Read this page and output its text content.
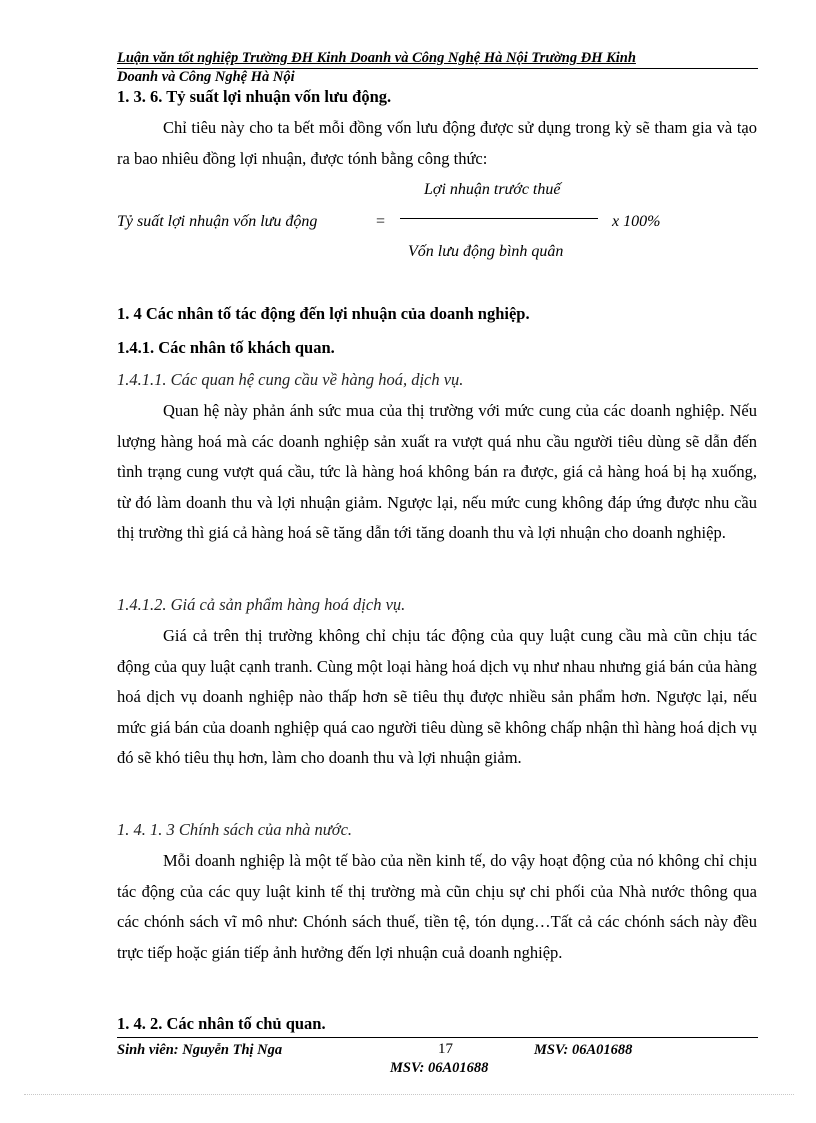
Luận văn tốt nghiệp Trường ĐH Kinh Doanh và Công Nghệ Hà Nội Trường ĐH Kinh
Doanh và Công Nghệ Hà Nội
1. 3. 6. Tỷ suất lợi nhuận vốn lưu động.
Chỉ tiêu này cho ta bết mỗi đồng vốn lưu động được sử dụng trong kỳ sẽ tham gia và tạo ra bao nhiêu đồng lợi nhuận, được tónh bằng công thức:
Tỷ suất lợi nhuận vốn lưu động	=
Lợi nhuận trước thuế
Vốn lưu động bình quân
x 100%
1. 4 Các nhân tố tác động đến lợi nhuận của doanh nghiệp.
1.4.1. Các nhân tố khách quan.
1.4.1.1. Các quan hệ cung cầu về hàng hoá, dịch vụ.
Quan hệ này phản ánh sức mua của thị trường với mức cung của các doanh nghiệp. Nếu lượng hàng hoá mà các doanh nghiệp sản xuất ra vượt quá nhu cầu người tiêu dùng sẽ dẫn đến tình trạng cung vượt quá cầu, tức là hàng hoá không bán ra được, giá cả hàng hoá bị hạ xuống, từ đó làm doanh thu và lợi nhuận giảm. Ngược lại, nếu mức cung không đáp ứng được nhu cầu thị trường thì giá cả hàng hoá sẽ tăng dẫn tới tăng doanh thu và lợi nhuận cho doanh nghiệp.
1.4.1.2. Giá cả sản phẩm hàng hoá dịch vụ.
Giá cả trên thị trường không chỉ chịu tác động của quy luật cung cầu mà cũn chịu tác động của quy luật cạnh tranh. Cùng một loại hàng hoá dịch vụ như nhau nhưng giá bán của hàng hoá dịch vụ doanh nghiệp nào thấp hơn sẽ tiêu thụ được nhiều sản phẩm hơn. Ngược lại, nếu mức giá bán của doanh nghiệp quá cao người tiêu dùng sẽ không chấp nhận thì hàng hoá dịch vụ đó sẽ khó tiêu thụ hơn, làm cho doanh thu và lợi nhuận giảm.
1. 4. 1. 3 Chính sách của nhà nước.
Mỗi doanh nghiệp là một tế bào của nền kinh tế, do vậy hoạt động của nó không chỉ chịu tác động của các quy luật kinh tế thị trường mà cũn chịu sự chi phối của Nhà nước thông qua các chónh sách vĩ mô như: Chónh sách thuế, tiền tệ, tón dụng…Tất cả các chónh sách này đều trực tiếp hoặc gián tiếp ảnh hưởng đến lợi nhuận cuả doanh nghiệp.
1. 4. 2. Các nhân tố chủ quan.
Sinh viên: Nguyễn Thị Nga	17	MSV: 06A01688
MSV: 06A01688
